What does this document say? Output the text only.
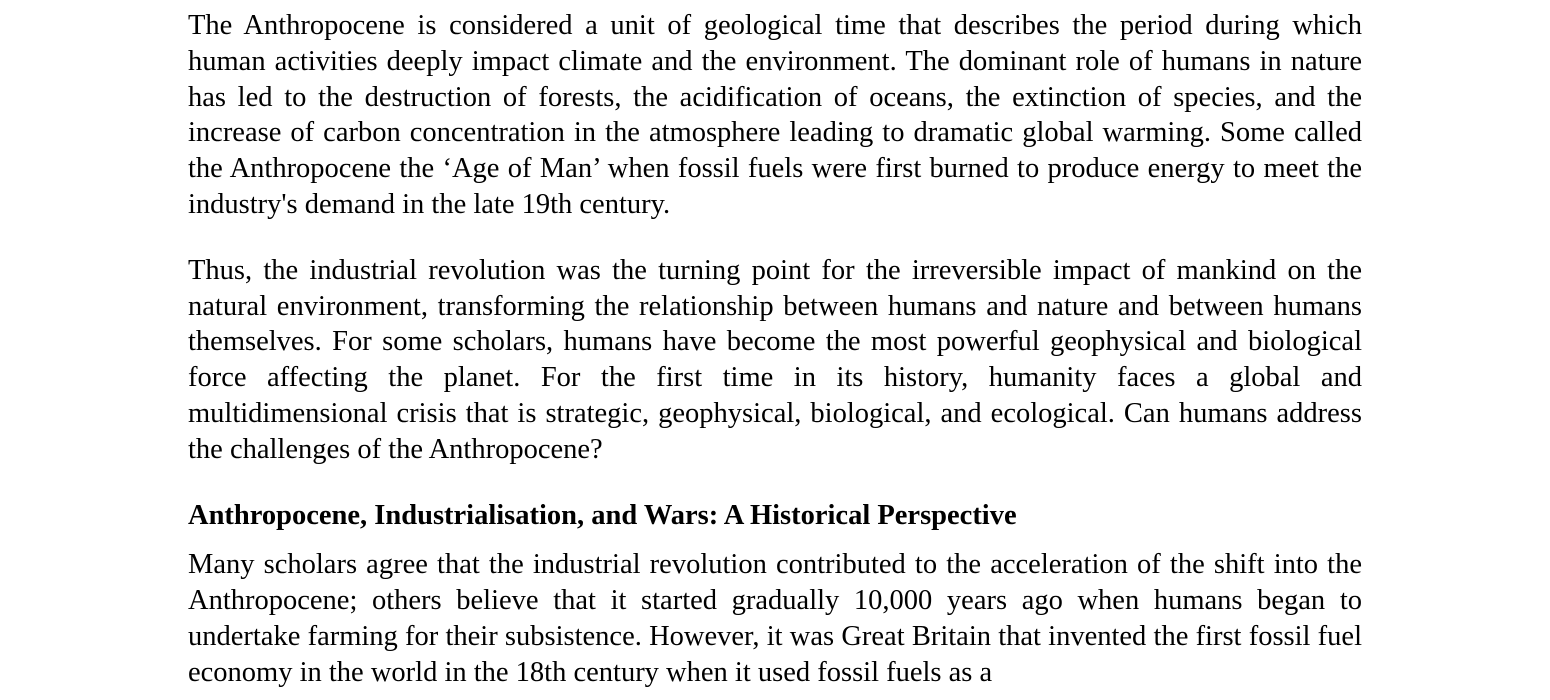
The Anthropocene is considered a unit of geological time that describes the period during which human activities deeply impact climate and the environment. The dominant role of humans in nature has led to the destruction of forests, the acidification of oceans, the extinction of species, and the increase of carbon concentration in the atmosphere leading to dramatic global warming. Some called the Anthropocene the ‘Age of Man’ when fossil fuels were first burned to produce energy to meet the industry's demand in the late 19th century.

Thus, the industrial revolution was the turning point for the irreversible impact of mankind on the natural environment, transforming the relationship between humans and nature and between humans themselves. For some scholars, humans have become the most powerful geophysical and biological force affecting the planet. For the first time in its history, humanity faces a global and multidimensional crisis that is strategic, geophysical, biological, and ecological. Can humans address the challenges of the Anthropocene?

Anthropocene, Industrialisation, and Wars: A Historical Perspective

Many scholars agree that the industrial revolution contributed to the acceleration of the shift into the Anthropocene; others believe that it started gradually 10,000 years ago when humans began to undertake farming for their subsistence. However, it was Great Britain that invented the first fossil fuel economy in the world in the 18th century when it used fossil fuels as a
